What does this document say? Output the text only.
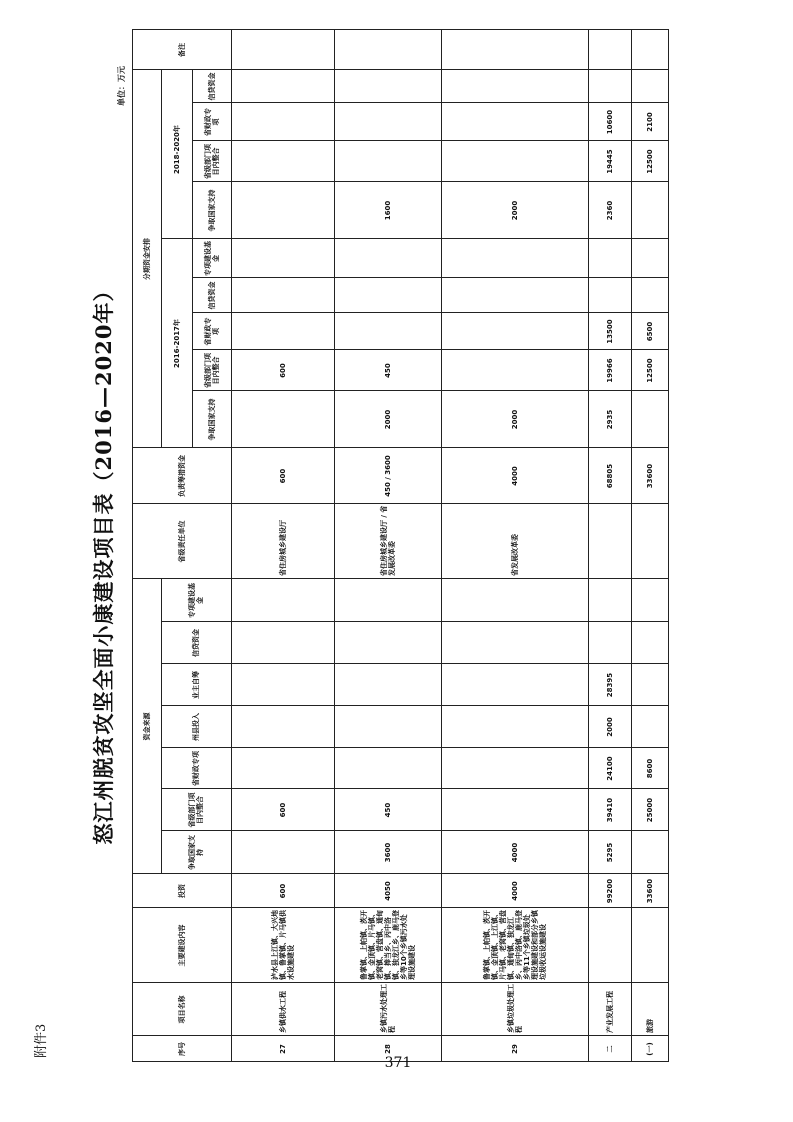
附件3
怒江州脱贫攻坚全面小康建设项目表（2016—2020年）
单位：万元
序号
项目名称
主要建设内容
投资
资金来源
争取国家支持
省级部门项目内整合
省财政专项
州县投入
业主自筹
信贷资金
专项建设基金
省级责任单位
负责筹措资金
分期资金安排
2016-2017年
2018-2020年
争取国家支持
省级部门项目内整合
省财政专项
信贷资金
专项建设基金
争取国家支持
省级部门项目内整合
省财政专项
信贷资金
备注
27
乡镇供水工程
泸水县上江镇、大兴地镇、鲁掌镇、片马镇供水设施建设
600
600
省住房城乡建设厅
600
600
28
乡镇污水处理工程
鲁掌镇、上帕镇、茨开镇、金顶镇、片马镇、老窝镇、营盘镇、通甸镇、捧当乡、丙中洛镇、独龙江乡、鹿马登乡等10个乡镇污水处理设施建设
4050
3600
450
省住房城乡建设厅 / 省发展改革委
450 / 3600
2000
450
1600
29
乡镇垃圾处理工程
鲁掌镇、上帕镇、茨开镇、金顶镇、上江镇、片马镇、老窝镇、营盘镇、通甸镇、独龙江乡、丙中洛镇、鹿马登乡等11个乡镇垃圾处理设施建设和部分乡镇垃圾收运设施建设
4000
4000
省发展改革委
4000
2000
2000
二
产业发展工程
99200
5295
39410
24100
2000
28395
68805
2935
19966
13500
2360
19445
10600
(一)
旅游
33600
25000
8600
33600
12500
6500
12500
2100
371
